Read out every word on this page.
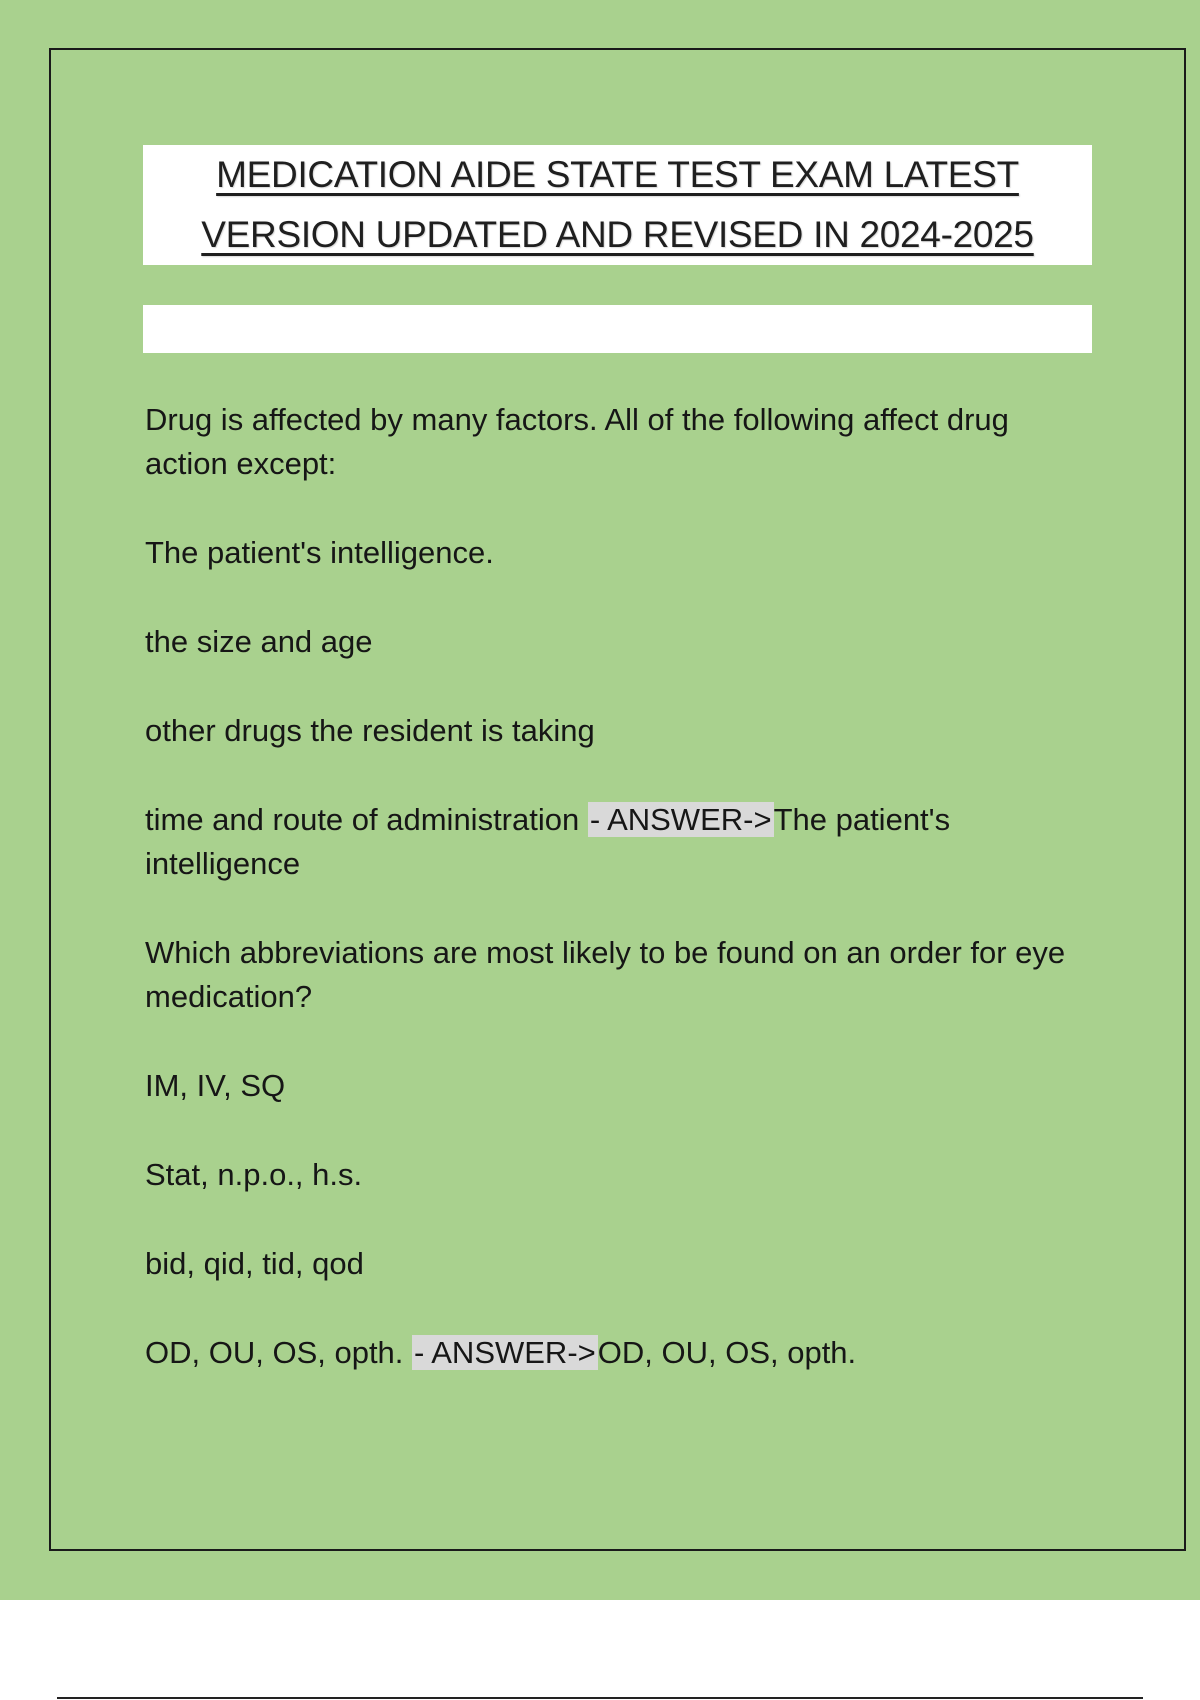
MEDICATION AIDE STATE TEST EXAM LATEST
VERSION UPDATED AND REVISED IN 2024-2025

Drug is affected by many factors. All of the following affect drug action except:

The patient's intelligence.

the size and age

other drugs the resident is taking

time and route of administration - ANSWER->The patient's intelligence

Which abbreviations are most likely to be found on an order for eye medication?

IM, IV, SQ

Stat, n.p.o., h.s.

bid, qid, tid, qod

OD, OU, OS, opth. - ANSWER->OD, OU, OS, opth.
